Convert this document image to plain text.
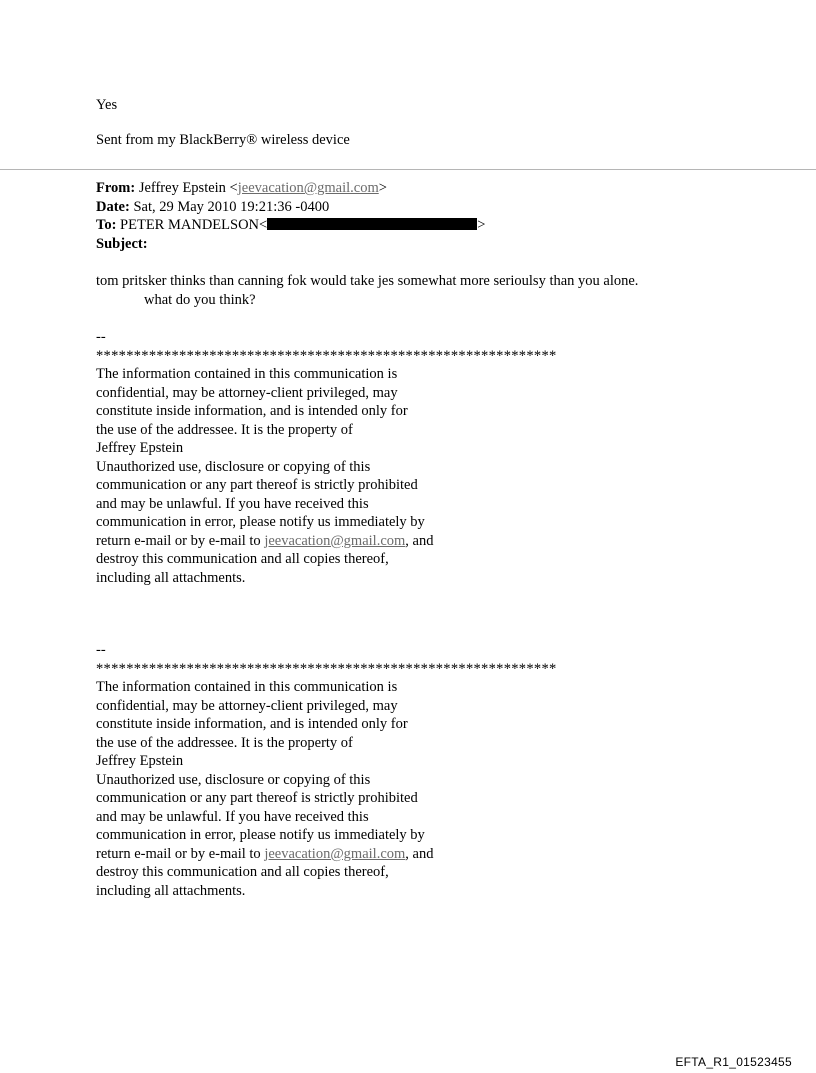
Yes
Sent from my BlackBerry® wireless device
From: Jeffrey Epstein <jeevacation@gmail.com>
Date: Sat, 29 May 2010 19:21:36 -0400
To: PETER MANDELSON<	>
Subject:
tom pritsker thinks than canning fok would take jes somewhat more serioulsy than you alone.
what do you think?
--
*************************************************************
The information contained in this communication is
confidential, may be attorney-client privileged, may
constitute inside information, and is intended only for
the use of the addressee. It is the property of
Jeffrey Epstein
Unauthorized use, disclosure or copying of this
communication or any part thereof is strictly prohibited
and may be unlawful. If you have received this
communication in error, please notify us immediately by
return e-mail or by e-mail to jeevacation@gmail.com, and
destroy this communication and all copies thereof,
including all attachments.
--
*************************************************************
The information contained in this communication is
confidential, may be attorney-client privileged, may
constitute inside information, and is intended only for
the use of the addressee. It is the property of
Jeffrey Epstein
Unauthorized use, disclosure or copying of this
communication or any part thereof is strictly prohibited
and may be unlawful. If you have received this
communication in error, please notify us immediately by
return e-mail or by e-mail to jeevacation@gmail.com, and
destroy this communication and all copies thereof,
including all attachments.
EFTA_R1_01523455
